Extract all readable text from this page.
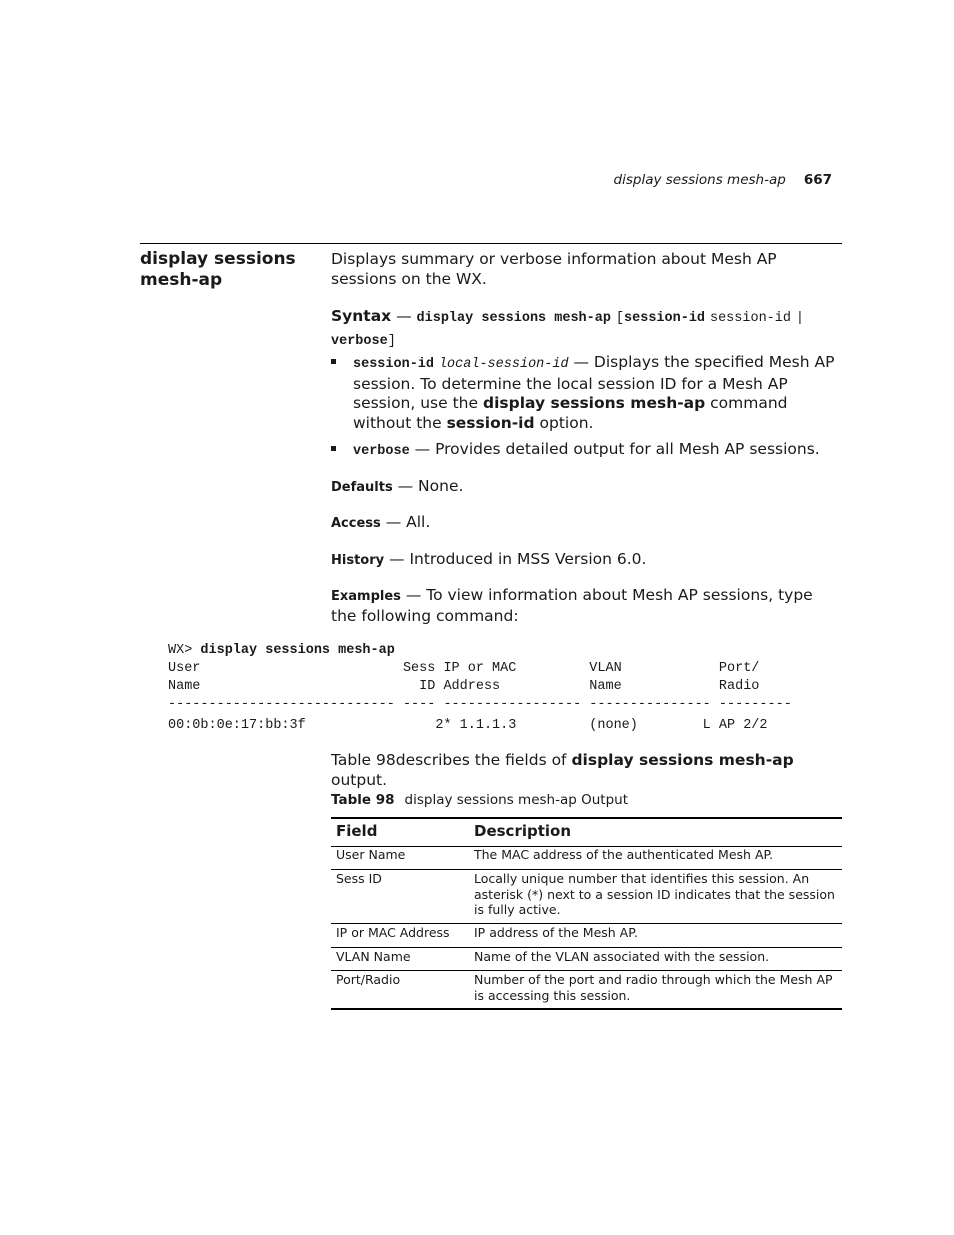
display sessions mesh-ap 667
display sessions
mesh-ap
Displays summary or verbose information about Mesh AP sessions on the WX.
Syntax — display sessions mesh-ap [session-id session-id |
verbose]
session-id local-session-id — Displays the specified Mesh AP session. To determine the local session ID for a Mesh AP session, use the display sessions mesh-ap command without the session-id option.
verbose — Provides detailed output for all Mesh AP sessions.
Defaults — None.
Access — All.
History — Introduced in MSS Version 6.0.
Examples — To view information about Mesh AP sessions, type the following command:
WX> display sessions mesh-ap
User                         Sess IP or MAC         VLAN            Port/
Name                           ID Address           Name            Radio
---------------------------- ---- ----------------- --------------- ---------
00:0b:0e:17:bb:3f                2* 1.1.1.3         (none)        L AP 2/2
Table 98describes the fields of display sessions mesh-ap output.
Table 98 display sessions mesh-ap Output
Field	Description
User Name	The MAC address of the authenticated Mesh AP.
Sess ID	Locally unique number that identifies this session. An asterisk (*) next to a session ID indicates that the session is fully active.
IP or MAC Address	IP address of the Mesh AP.
VLAN Name	Name of the VLAN associated with the session.
Port/Radio	Number of the port and radio through which the Mesh AP is accessing this session.
